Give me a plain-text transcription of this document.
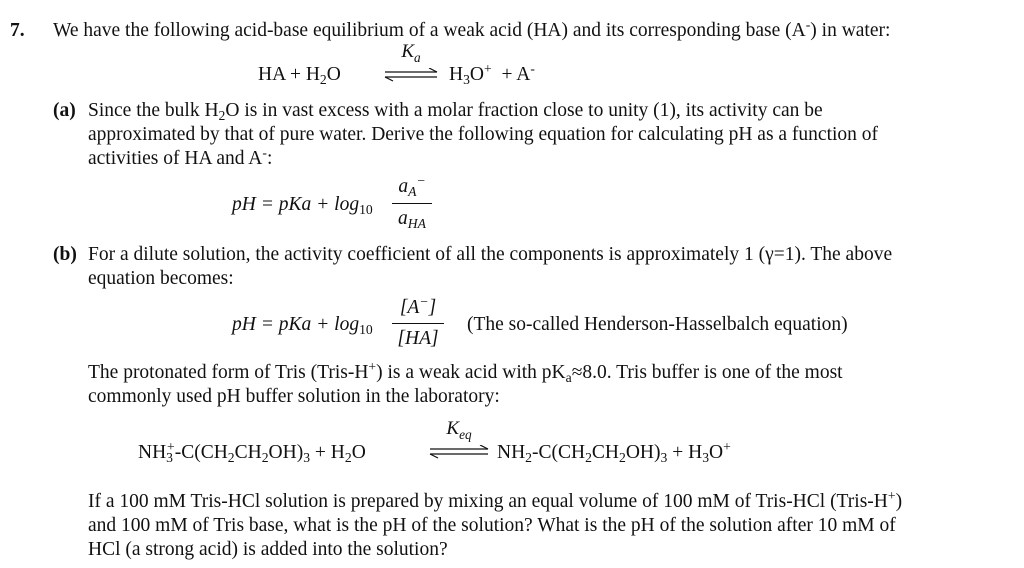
7. We have the following acid-base equilibrium of a weak acid (HA) and its corresponding base (A-) in water:
HA + $H_2O$
$K_a$
$H_3O^+ + A^-$
(a) Since the bulk $H_2O$ is in vast excess with a molar fraction close to unity (1), its activity can be
approximated by that of pure water. Derive the following equation for calculating pH as a function of
activities of HA and A-:
pH = pKa + $\log_{10}$
$a_A^-$
$a_{HA}$
(b) For a dilute solution, the activity coefficient of all the components is approximately 1 (γ=1). The above
equation becomes:
pH = pKa + $\log_{10}$
[A−]
[HA]
(The so-called Henderson-Hasselbalch equation)
The protonated form of Tris (Tris-H+) is a weak acid with $pK_a\approx 8.0$. Tris buffer is one of the most
commonly used pH buffer solution in the laboratory:
$NH_3^+-C(CH_2CH_2OH)_3 + H_2O$
$K_{eq}$
$NH_2-C(CH_2CH_2OH)_3 + H_3O^+$
If a 100 mM Tris-HCl solution is prepared by mixing an equal volume of 100 mM of Tris-HCl (Tris-H+)
and 100 mM of Tris base, what is the pH of the solution? What is the pH of the solution after 10 mM of
HCl (a strong acid) is added into the solution?
